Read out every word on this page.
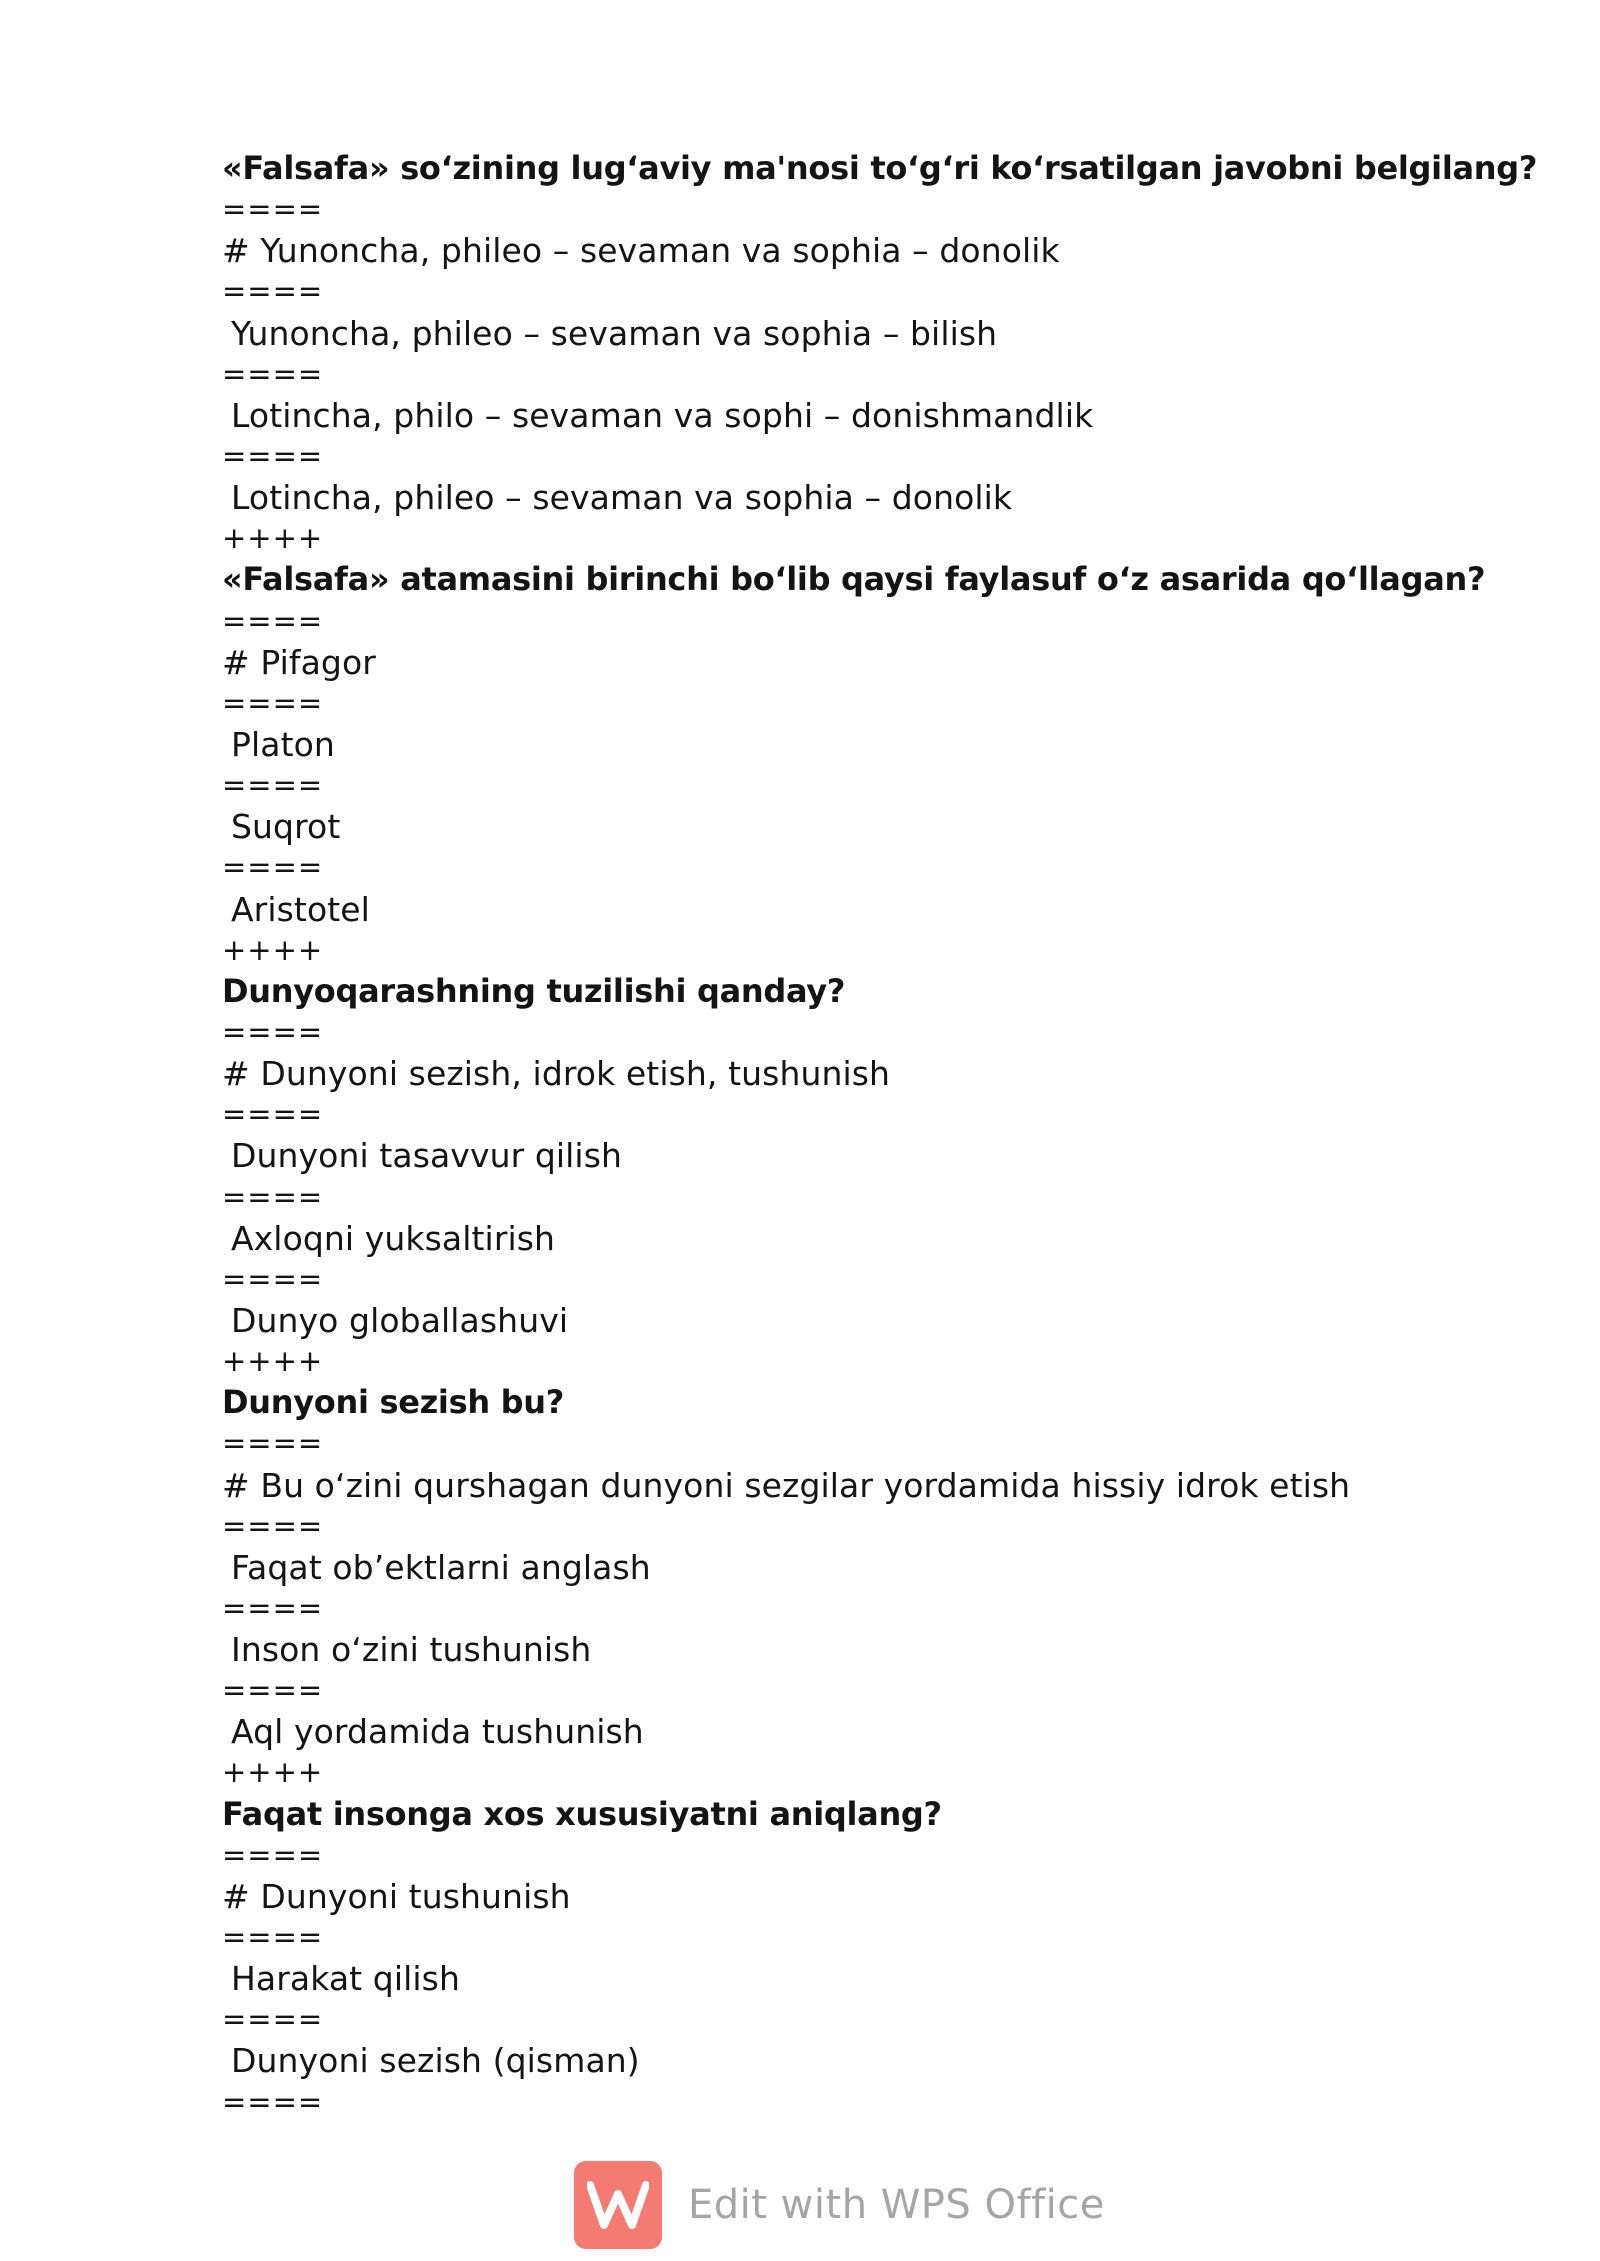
«Falsafa» so‘zining lug‘aviy ma'nosi to‘g‘ri ko‘rsatilgan javobni belgilang?
====
# Yunoncha, phileo – sevaman va sophia – donolik
====
Yunoncha, phileo – sevaman va sophia – bilish
====
Lotincha, philo – sevaman va sophi – donishmandlik
====
Lotincha, phileo – sevaman va sophia – donolik
++++
«Falsafa» atamasini birinchi bo‘lib qaysi faylasuf o‘z asarida qo‘llagan?
====
# Pifagor
====
Platon
====
Suqrot
====
Aristotel
++++
Dunyoqarashning tuzilishi qanday?
====
# Dunyoni sezish, idrok etish, tushunish
====
Dunyoni tasavvur qilish
====
Axloqni yuksaltirish
====
Dunyo globallashuvi
++++
Dunyoni sezish bu?
====
# Bu o‘zini qurshagan dunyoni sezgilar yordamida hissiy idrok etish
====
Faqat ob’ektlarni anglash
====
Inson o‘zini tushunish
====
Aql yordamida tushunish
++++
Faqat insonga xos xususiyatni aniqlang?
====
# Dunyoni tushunish
====
Harakat qilish
====
Dunyoni sezish (qisman)
====
Edit with WPS Office
